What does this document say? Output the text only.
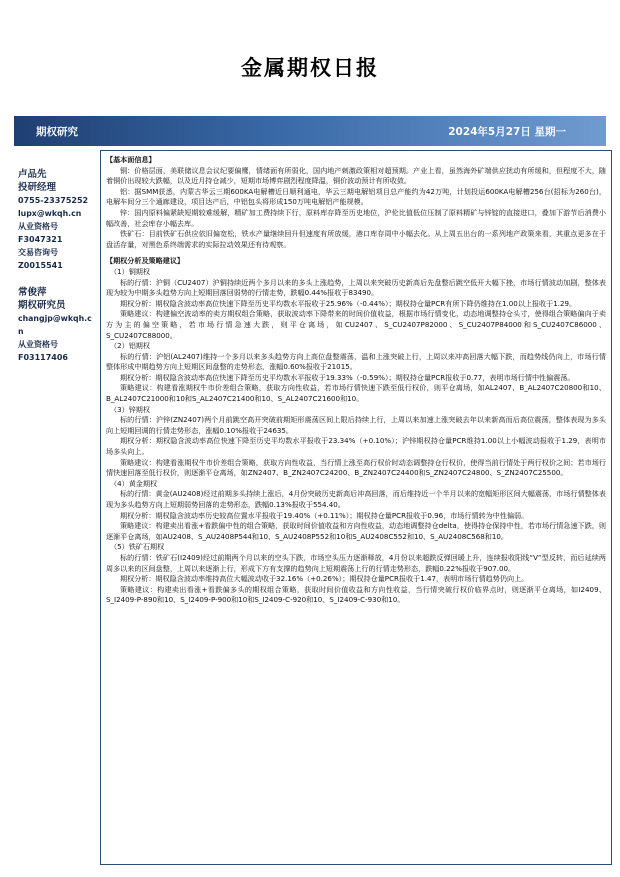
金属期权日报
期权研究	2024年5月27日 星期一
卢品先
投研经理
0755-23375252
lupx@wkqh.cn
从业资格号
F3047321
交易咨询号
Z0015541
常俊萍
期权研究员
changjp@wkqh.cn
从业资格号
F03117406

【基本面信息】

铜：价格层面，美联储议息会议纪要偏鹰，情绪面有所弱化，国内地产刺激政策相对超预期。产业上看，虽然海外矿端供应扰动有所缓和，但程度不大，随着铜价出现较大跌幅，以及近月持仓减少，短期市场博弈剧烈程度降温，铜价波动预计有所收敛。

铝：据SMM获悉，内蒙古华云三期600KA电解槽近日顺利通电，华云三期电解铝项目总产能约为42万吨，计划投运600KA电解槽256台(招标为260台)，电解车间分三个通廊建设，项目达产后，中铝包头将形成150万吨电解铝产能规模。

锌：国内原料偏紧缺短期较难缓解，精矿加工费持续下行，原料库存降至历史地位，沪伦比值低位压制了原料精矿与锌锭的直接进口，叠加下游节后消费小幅改善，社会库存小幅去库。

铁矿石：目前铁矿石供应依旧偏宽松，铁水产量继续回升但速度有所放缓，港口库存周中小幅去化。从上周五出台的一系列地产政策来看，其重点更多在于盘活存量，对黑色系终端需求的实际拉动效果还有待观察。

【期权分析及策略建议】

（1）铜期权

标的行情：沪铜（CU2407）沪铜持续近两个多月以来的多头上涨趋势，上周以来突破历史新高后先盘整后跳空低开大幅下挫，市场行情波动加剧，整体表现为较为中期多头趋势方向上短期回落回弱势的行情走势，跌幅0.44%报收于83490。

期权分析：期权隐含波动率高位快速下降至历史平均数水平报收于25.96%（-0.44%）；期权持仓量PCR有所下降仍维持在1.00以上报收于1.29。

策略建议：构建偏空波动率的卖方期权组合策略，获取波动率下降带来的时间价值收益，根据市场行情变化，动态地调整持仓头寸，使得组合策略偏向于卖方为主的偏空策略，若市场行情急速大跌，则平仓离场，如CU2407、S_CU2407P82000、S_CU2407P84000和S_CU2407C86000、S_CU2407C88000。

（2）铝期权

标的行情：沪铝(AL2407)维持一个多月以来多头趋势方向上高位盘整震荡，温和上涨突破上行，上周以来冲高回落大幅下跌，而趋势线仍向上，市场行情整体形成中期趋势方向上短期区间盘整的走势形态，涨幅0.60%报收于21015。

期权分析：期权隐含波动率高位快速下降至历史平均数水平报收于19.33%（-0.59%）；期权持仓量PCR报收于0.77，表明市场行情中性偏震荡。

策略建议：构建看涨期权牛市价差组合策略，获取方向性收益，若市场行情快速下跌至低行权价，则平仓离场，如AL2407、B_AL2407C20800和10、B_AL2407C21000和10和S_AL2407C21400和10、S_AL2407C21600和10。

（3）锌期权

标的行情：沪锌(ZN2407)两个月前跳空高开突破前期矩形震荡区间上限后持续上行，上周以来加速上涨突破去年以来新高而后高位震荡，整体表现为多头向上短期回调的行情走势形态，涨幅0.10%报收于24635。

期权分析：期权隐含波动率高位快速下降至历史平均数水平报收于23.34%（+0.10%）；沪锌期权持仓量PCR维持1.00以上小幅波动报收于1.29，表明市场多头向上。

策略建议：构建看涨期权牛市价差组合策略，获取方向性收益，当行情上涨至高行权价时动态调整持仓行权价，使得当前行情处于两行权价之间；若市场行情快速回落至低行权价，则逐渐平仓离场，如ZN2407、B_ZN2407C24200、B_ZN2407C24400和S_ZN2407C24800、S_ZN2407C25500。

（4）黄金期权

标的行情：黄金(AU2408)经过前期多头持续上涨后，4月份突破历史新高后冲高回落，而后维持近一个半月以来的宽幅矩形区间大幅震荡，市场行情整体表现为多头趋势方向上短期弱势回落的走势形态，跌幅0.13%报收于554.40。

期权分析：期权隐含波动率历史较高位置水平报收于19.40%（+0.11%）；期权持仓量PCR报收于0.96，市场行情转为中性偏弱。

策略建议：构建卖出看涨+看跌偏中性的组合策略，获取时间价值收益和方向性收益，动态地调整持仓delta，使得持仓保持中性，若市场行情急速下跌，则逐渐平仓离场，如AU2408、S_AU2408P544和10、S_AU2408P552和10和S_AU2408C552和10、S_AU2408C568和10。

（5）铁矿石期权

标的行情：铁矿石(I2409)经过前期两个月以来的空头下跌，市场空头压力逐渐释放，4月份以来超跌反弹回暖上升，连续报收阳线“V”型反转，而后延续两周多以来的区间盘整，上周以来逐渐上行，形成下方有支撑的趋势向上短期震荡上行的行情走势形态，跌幅0.22%报收于907.00。

期权分析：期权隐含波动率维持高位大幅波动收于32.16%（+0.26%）；期权持仓量PCR报收于1.47，表明市场行情趋势仍向上。

策略建议：构建卖出看涨+看跌偏多头的期权组合策略，获取时间价值收益和方向性收益，当行情突破行权价临界点时，则逐渐平仓离场，如I2409、S_I2409-P-890和10、S_I2409-P-900和10和S_I2409-C-920和10、S_I2409-C-930和10。
